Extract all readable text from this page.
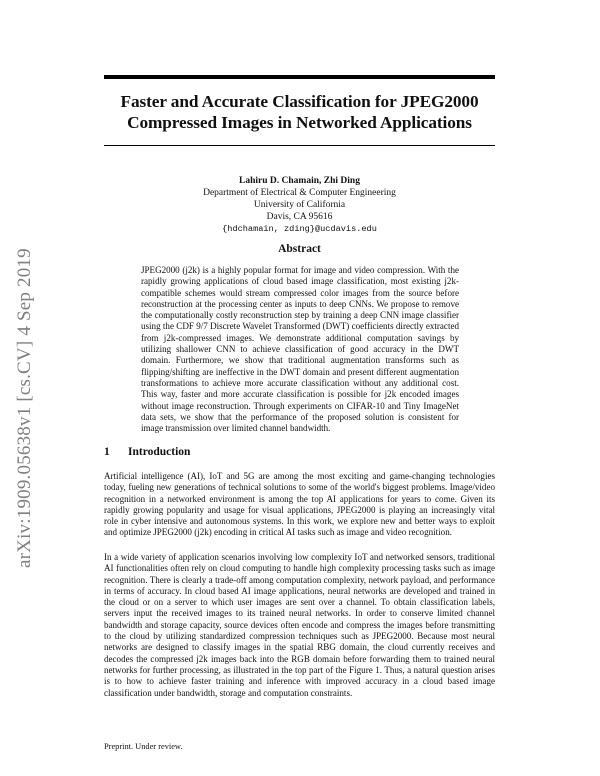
arXiv:1909.05638v1 [cs.CV] 4 Sep 2019
Faster and Accurate Classification for JPEG2000
Compressed Images in Networked Applications
Lahiru D. Chamain, Zhi Ding
Department of Electrical & Computer Engineering
University of California
Davis, CA 95616
{hdchamain, zding}@ucdavis.edu
Abstract
JPEG2000 (j2k) is a highly popular format for image and video compression. With the rapidly growing applications of cloud based image classification, most existing j2k-compatible schemes would stream compressed color images from the source before reconstruction at the processing center as inputs to deep CNNs. We propose to remove the computationally costly reconstruction step by training a deep CNN image classifier using the CDF 9/7 Discrete Wavelet Transformed (DWT) coefficients directly extracted from j2k-compressed images. We demonstrate additional computation savings by utilizing shallower CNN to achieve classification of good accuracy in the DWT domain. Furthermore, we show that traditional augmentation transforms such as flipping/shifting are ineffective in the DWT domain and present different augmentation transformations to achieve more accurate classification without any additional cost. This way, faster and more accurate classification is possible for j2k encoded images without image reconstruction. Through experiments on CIFAR-10 and Tiny ImageNet data sets, we show that the performance of the proposed solution is consistent for image transmission over limited channel bandwidth.
1 Introduction
Artificial intelligence (AI), IoT and 5G are among the most exciting and game-changing technologies today, fueling new generations of technical solutions to some of the world's biggest problems. Image/video recognition in a networked environment is among the top AI applications for years to come. Given its rapidly growing popularity and usage for visual applications, JPEG2000 is playing an increasingly vital role in cyber intensive and autonomous systems. In this work, we explore new and better ways to exploit and optimize JPEG2000 (j2k) encoding in critical AI tasks such as image and video recognition.
In a wide variety of application scenarios involving low complexity IoT and networked sensors, traditional AI functionalities often rely on cloud computing to handle high complexity processing tasks such as image recognition. There is clearly a trade-off among computation complexity, network payload, and performance in terms of accuracy. In cloud based AI image applications, neural networks are developed and trained in the cloud or on a server to which user images are sent over a channel. To obtain classification labels, servers input the received images to its trained neural networks. In order to conserve limited channel bandwidth and storage capacity, source devices often encode and compress the images before transmitting to the cloud by utilizing standardized compression techniques such as JPEG2000. Because most neural networks are designed to classify images in the spatial RBG domain, the cloud currently receives and decodes the compressed j2k images back into the RGB domain before forwarding them to trained neural networks for further processing, as illustrated in the top part of the Figure 1. Thus, a natural question arises is to how to achieve faster training and inference with improved accuracy in a cloud based image classification under bandwidth, storage and computation constraints.
Preprint. Under review.
